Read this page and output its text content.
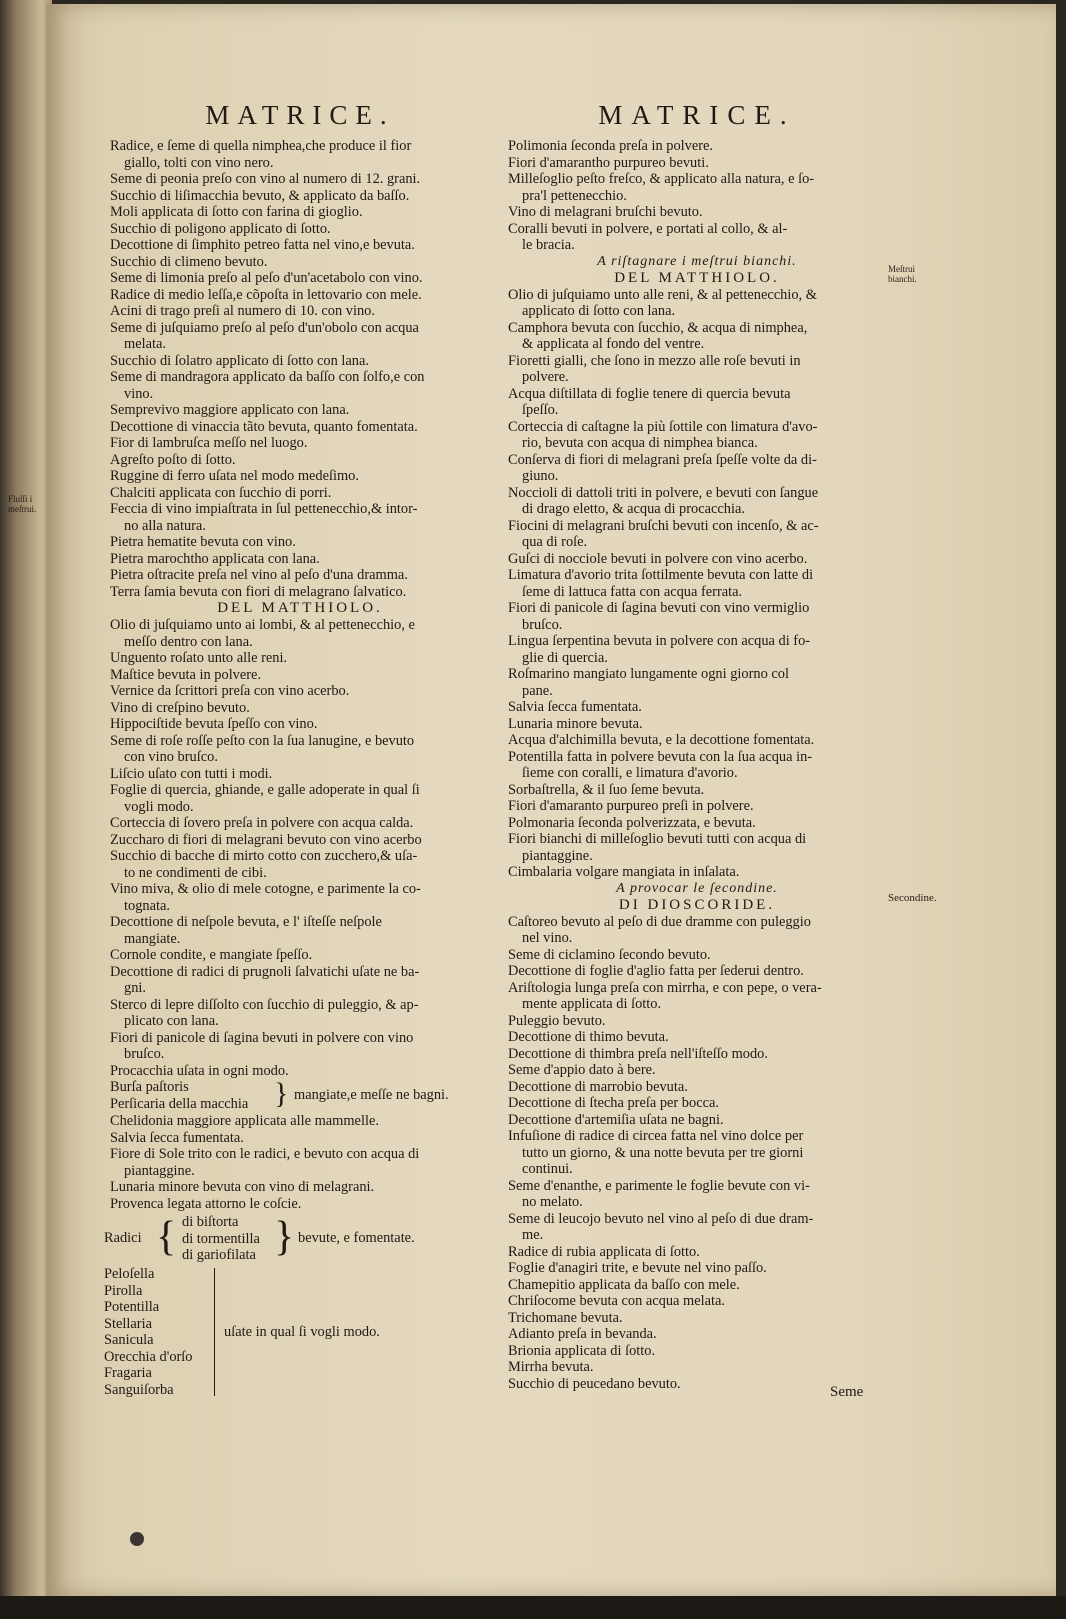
Fluſſi i
meſtrui.
Meſtrui
bianchi.
Secondine.
MATRICE.
Radice, e ſeme di quella nimphea,che produce il fior
giallo, tolti con vino nero.
Seme di peonia preſo con vino al numero di 12. grani.
Succhio di liſimacchia bevuto, & applicato da baſſo.
Moli applicata di ſotto con farina di gioglio.
Succhio di poligono applicato di ſotto.
Decottione di ſimphito petreo fatta nel vino,e bevuta.
Succhio di climeno bevuto.
Seme di limonia preſo al peſo d'un'acetabolo con vino.
Radice di medio leſſa,e cõpoſta in lettovario con mele.
Acini di trago preſi al numero di 10. con vino.
Seme di juſquiamo preſo al peſo d'un'obolo con acqua
melata.
Succhio di ſolatro applicato di ſotto con lana.
Seme di mandragora applicato da baſſo con ſolfo,e con
vino.
Semprevivo maggiore applicato con lana.
Decottione di vinaccia tãto bevuta, quanto fomentata.
Fior di lambruſca meſſo nel luogo.
Agreſto poſto di ſotto.
Ruggine di ferro uſata nel modo medeſimo.
Chalciti applicata con ſucchio di porri.
Feccia di vino impiaſtrata in ſul pettenecchio,& intor-
no alla natura.
Pietra hematite bevuta con vino.
Pietra marochtho applicata con lana.
Pietra oſtracite preſa nel vino al peſo d'una dramma.
Terra ſamia bevuta con fiori di melagrano ſalvatico.
DEL MATTHIOLO.
Olio di juſquiamo unto ai lombi, & al pettenecchio, e
meſſo dentro con lana.
Unguento roſato unto alle reni.
Maſtice bevuta in polvere.
Vernice da ſcrittori preſa con vino acerbo.
Vino di creſpino bevuto.
Hippociſtide bevuta ſpeſſo con vino.
Seme di roſe roſſe peſto con la ſua lanugine, e bevuto
con vino bruſco.
Liſcio uſato con tutti i modi.
Foglie di quercia, ghiande, e galle adoperate in qual ſi
vogli modo.
Corteccia di ſovero preſa in polvere con acqua calda.
Zuccharo di fiori di melagrani bevuto con vino acerbo
Succhio di bacche di mirto cotto con zucchero,& uſa-
to ne condimenti de cibi.
Vino miva, & olio di mele cotogne, e parimente la co-
tognata.
Decottione di neſpole bevuta, e l' iſteſſe neſpole
mangiate.
Cornole condite, e mangiate ſpeſſo.
Decottione di radici di prugnoli ſalvatichi uſate ne ba-
gni.
Sterco di lepre diſſolto con ſucchio di puleggio, & ap-
plicato con lana.
Fiori di panicole di ſagina bevuti in polvere con vino
bruſco.
Procacchia uſata in ogni modo.
Burſa paſtoris
Perſicaria della macchia } mangiate,e meſſe ne bagni.
Chelidonia maggiore applicata alle mammelle.
Salvia ſecca fumentata.
Fiore di Sole trito con le radici, e bevuto con acqua di
piantaggine.
Lunaria minore bevuta con vino di melagrani.
Provenca legata attorno le coſcie.
Radici { di biſtorta
di tormentilla
di gariofilata } bevute, e fomentate.
Peloſella
Pirolla
Potentilla
Stellaria
Sanicula
Orecchia d'orſo
Fragaria
Sanguiſorba
uſate in qual ſi vogli modo.
MATRICE.
Polimonia ſeconda preſa in polvere.
Fiori d'amarantho purpureo bevuti.
Milleſoglio peſto freſco, & applicato alla natura, e ſo-
pra'l pettenecchio.
Vino di melagrani bruſchi bevuto.
Coralli bevuti in polvere, e portati al collo, & al-
le bracia.
A riſtagnare i meſtrui bianchi.
DEL MATTHIOLO.
Olio di juſquiamo unto alle reni, & al pettenecchio, &
applicato di ſotto con lana.
Camphora bevuta con ſucchio, & acqua di nimphea,
& applicata al fondo del ventre.
Fioretti gialli, che ſono in mezzo alle roſe bevuti in
polvere.
Acqua diſtillata di foglie tenere di quercia bevuta
ſpeſſo.
Corteccia di caſtagne la più ſottile con limatura d'avo-
rio, bevuta con acqua di nimphea bianca.
Conſerva di fiori di melagrani preſa ſpeſſe volte da di-
giuno.
Noccioli di dattoli triti in polvere, e bevuti con ſangue
di drago eletto, & acqua di procacchia.
Fiocini di melagrani bruſchi bevuti con incenſo, & ac-
qua di roſe.
Guſci di nocciole bevuti in polvere con vino acerbo.
Limatura d'avorio trita ſottilmente bevuta con latte di
ſeme di lattuca fatta con acqua ferrata.
Fiori di panicole di ſagina bevuti con vino vermiglio
bruſco.
Lingua ſerpentina bevuta in polvere con acqua di fo-
glie di quercia.
Roſmarino mangiato lungamente ogni giorno col
pane.
Salvia ſecca fumentata.
Lunaria minore bevuta.
Acqua d'alchimilla bevuta, e la decottione fomentata.
Potentilla fatta in polvere bevuta con la ſua acqua in-
ſieme con coralli, e limatura d'avorio.
Sorbaſtrella, & il ſuo ſeme bevuta.
Fiori d'amaranto purpureo preſi in polvere.
Polmonaria ſeconda polverizzata, e bevuta.
Fiori bianchi di milleſoglio bevuti tutti con acqua di
piantaggine.
Cimbalaria volgare mangiata in inſalata.
A provocar le ſecondine.
DI DIOSCORIDE.
Caſtoreo bevuto al peſo di due dramme con puleggio
nel vino.
Seme di ciclamino ſecondo bevuto.
Decottione di foglie d'aglio fatta per ſederui dentro.
Ariſtologia lunga preſa con mirrha, e con pepe, o vera-
mente applicata di ſotto.
Puleggio bevuto.
Decottione di thimo bevuta.
Decottione di thimbra preſa nell'iſteſſo modo.
Seme d'appio dato à bere.
Decottione di marrobio bevuta.
Decottione di ſtecha preſa per bocca.
Decottione d'artemiſia uſata ne bagni.
Infuſione di radice di circea fatta nel vino dolce per
tutto un giorno, & una notte bevuta per tre giorni
continui.
Seme d'enanthe, e parimente le foglie bevute con vi-
no melato.
Seme di leucojo bevuto nel vino al peſo di due dram-
me.
Radice di rubia applicata di ſotto.
Foglie d'anagiri trite, e bevute nel vino paſſo.
Chamepitio applicata da baſſo con mele.
Chriſocome bevuta con acqua melata.
Trichomane bevuta.
Adianto preſa in bevanda.
Brionia applicata di ſotto.
Mirrha bevuta.
Succhio di peucedano bevuto.
Seme
